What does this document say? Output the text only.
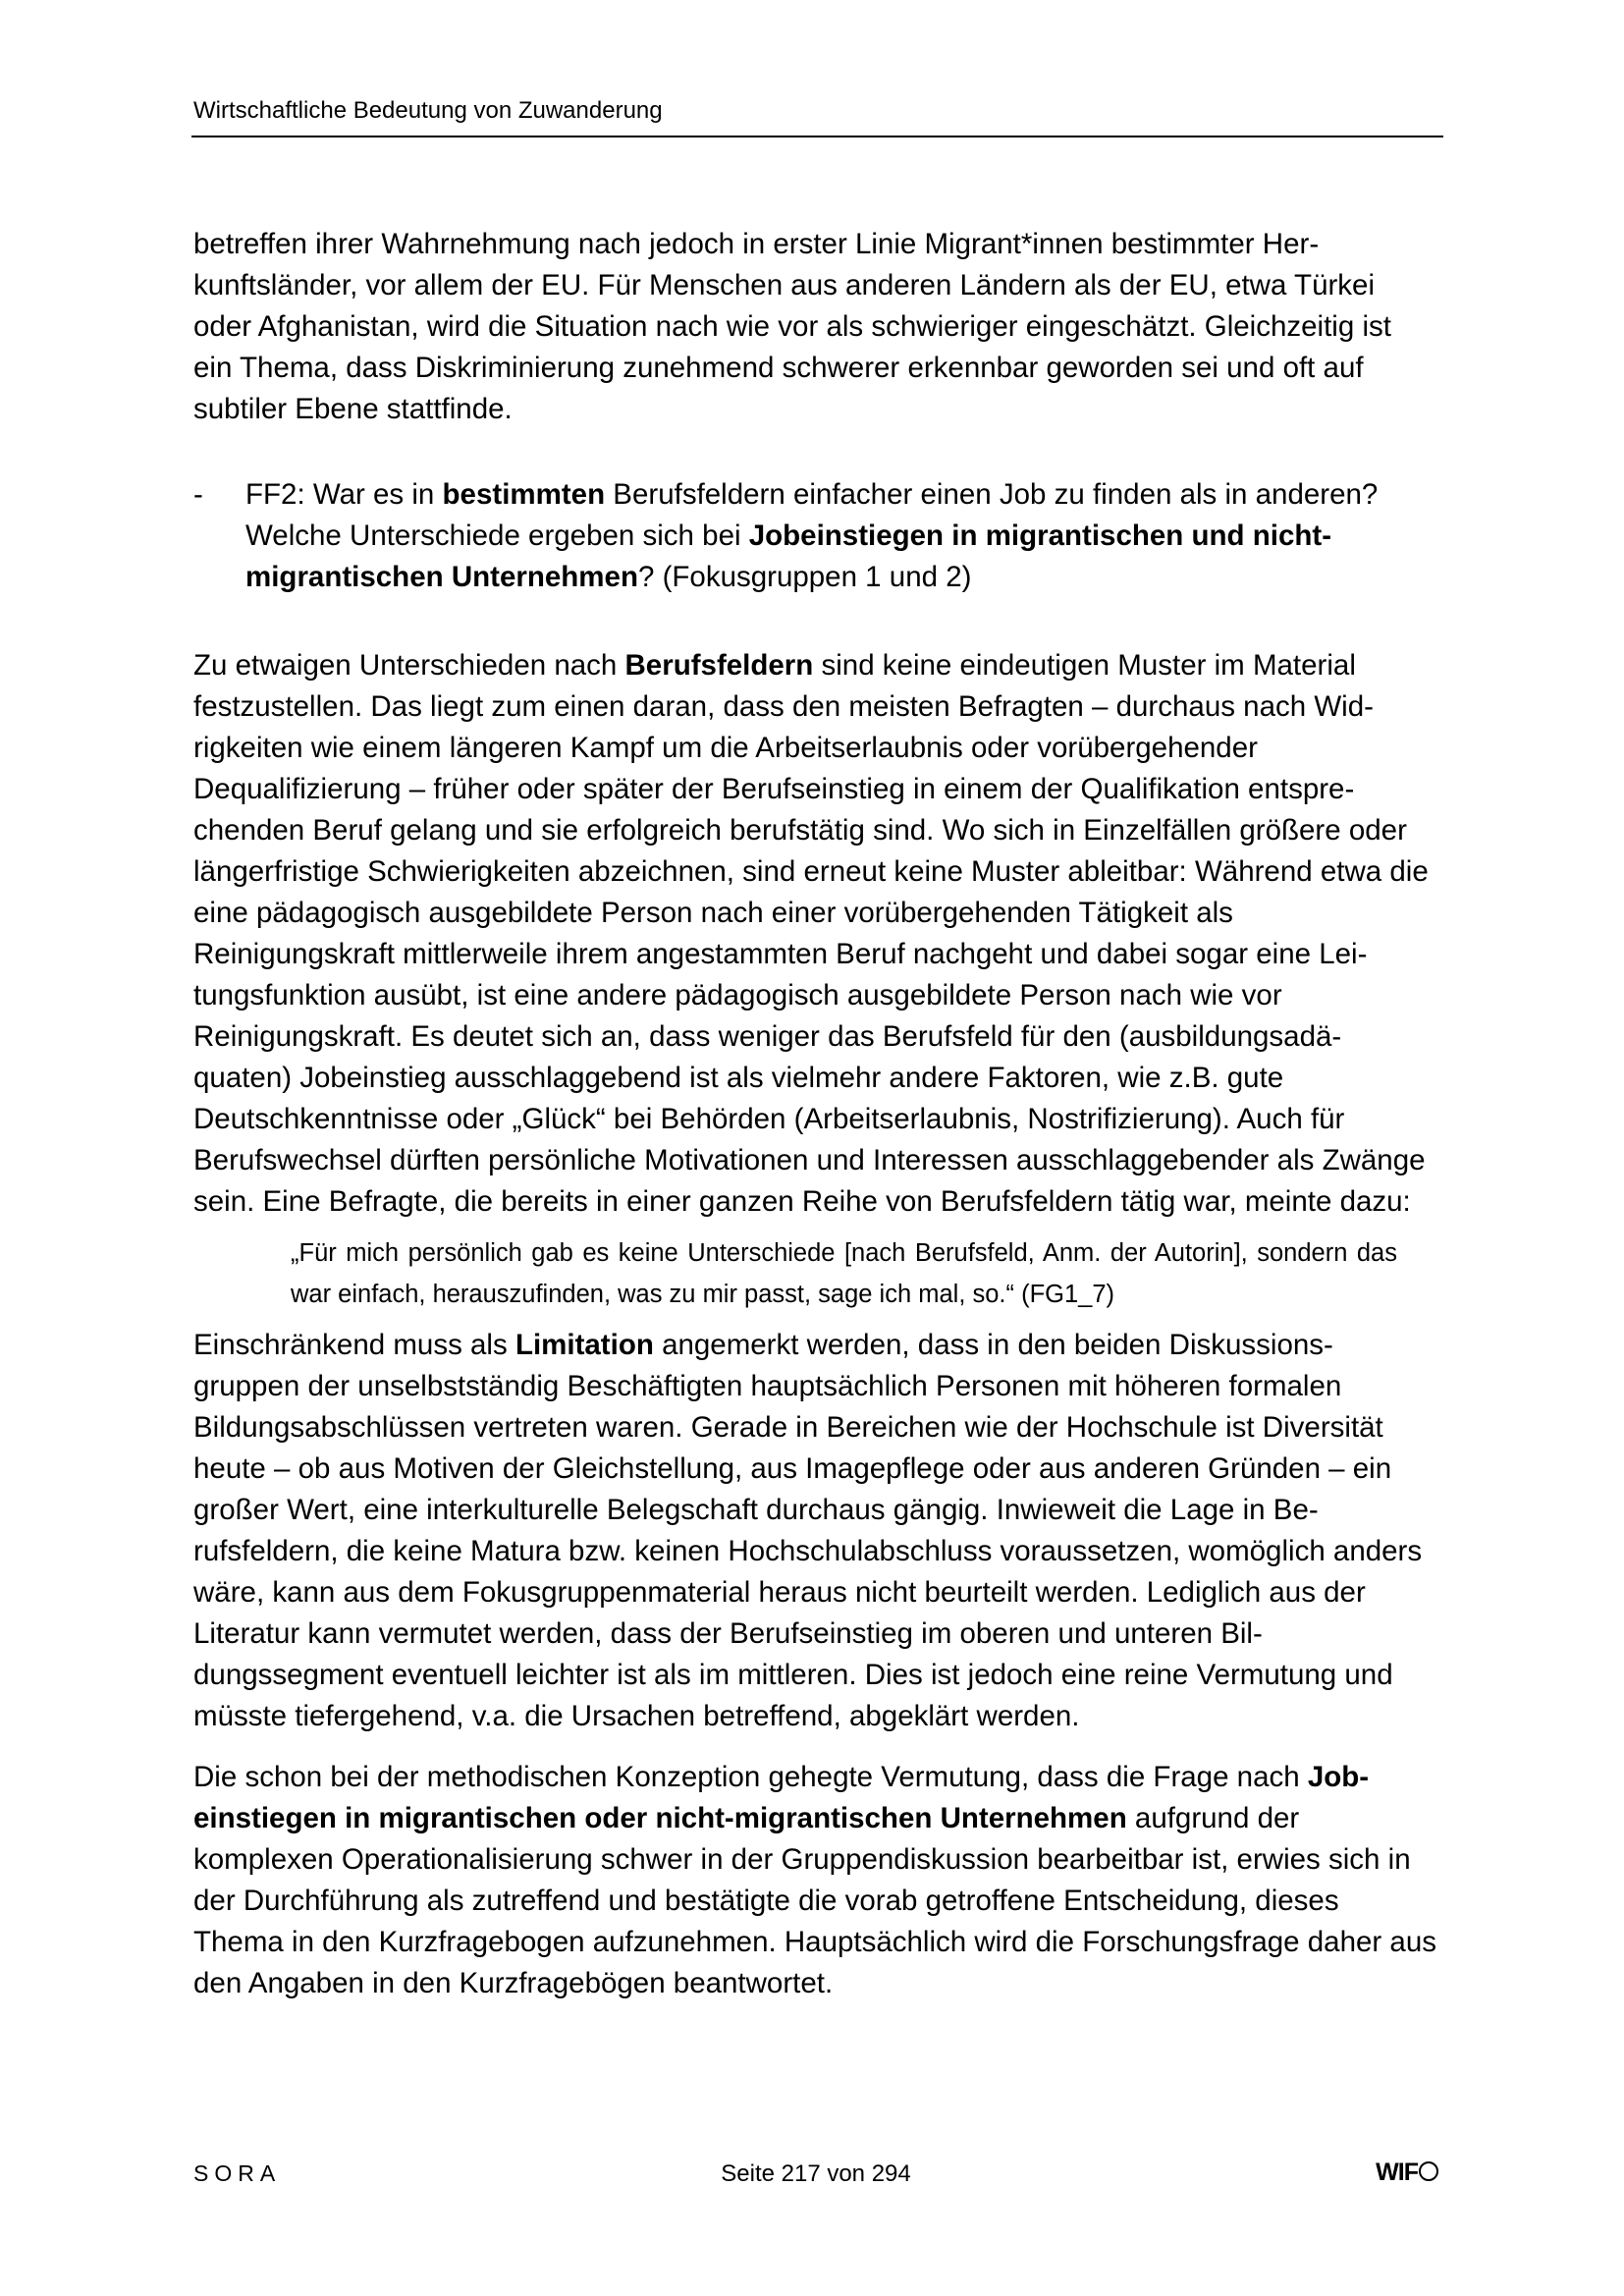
Wirtschaftliche Bedeutung von Zuwanderung

betreffen ihrer Wahrnehmung nach jedoch in erster Linie Migrant*innen bestimmter Her-kunftsländer, vor allem der EU. Für Menschen aus anderen Ländern als der EU, etwa Türkei oder Afghanistan, wird die Situation nach wie vor als schwieriger eingeschätzt. Gleichzeitig ist ein Thema, dass Diskriminierung zunehmend schwerer erkennbar geworden sei und oft auf subtiler Ebene stattfinde.

- FF2: War es in bestimmten Berufsfeldern einfacher einen Job zu finden als in anderen? Welche Unterschiede ergeben sich bei Jobeinstiegen in migrantischen und nicht-migrantischen Unternehmen? (Fokusgruppen 1 und 2)

Zu etwaigen Unterschieden nach Berufsfeldern sind keine eindeutigen Muster im Material festzustellen. Das liegt zum einen daran, dass den meisten Befragten – durchaus nach Wid-rigkeiten wie einem längeren Kampf um die Arbeitserlaubnis oder vorübergehender Dequalifizierung – früher oder später der Berufseinstieg in einem der Qualifikation entspre-chenden Beruf gelang und sie erfolgreich berufstätig sind. Wo sich in Einzelfällen größere oder längerfristige Schwierigkeiten abzeichnen, sind erneut keine Muster ableitbar: Während etwa die eine pädagogisch ausgebildete Person nach einer vorübergehenden Tätigkeit als Reinigungskraft mittlerweile ihrem angestammten Beruf nachgeht und dabei sogar eine Lei-tungsfunktion ausübt, ist eine andere pädagogisch ausgebildete Person nach wie vor Reinigungskraft. Es deutet sich an, dass weniger das Berufsfeld für den (ausbildungsadä-quaten) Jobeinstieg ausschlaggebend ist als vielmehr andere Faktoren, wie z.B. gute Deutschkenntnisse oder „Glück“ bei Behörden (Arbeitserlaubnis, Nostrifizierung). Auch für Berufswechsel dürften persönliche Motivationen und Interessen ausschlaggebender als Zwänge sein. Eine Befragte, die bereits in einer ganzen Reihe von Berufsfeldern tätig war, meinte dazu:

„Für mich persönlich gab es keine Unterschiede [nach Berufsfeld, Anm. der Autorin], sondern das war einfach, herauszufinden, was zu mir passt, sage ich mal, so.“ (FG1_7)

Einschränkend muss als Limitation angemerkt werden, dass in den beiden Diskussions-gruppen der unselbstständig Beschäftigten hauptsächlich Personen mit höheren formalen Bildungsabschlüssen vertreten waren. Gerade in Bereichen wie der Hochschule ist Diversität heute – ob aus Motiven der Gleichstellung, aus Imagepflege oder aus anderen Gründen – ein großer Wert, eine interkulturelle Belegschaft durchaus gängig. Inwieweit die Lage in Be-rufsfeldern, die keine Matura bzw. keinen Hochschulabschluss voraussetzen, womöglich anders wäre, kann aus dem Fokusgruppenmaterial heraus nicht beurteilt werden. Lediglich aus der Literatur kann vermutet werden, dass der Berufseinstieg im oberen und unteren Bil-dungssegment eventuell leichter ist als im mittleren. Dies ist jedoch eine reine Vermutung und müsste tiefergehend, v.a. die Ursachen betreffend, abgeklärt werden.

Die schon bei der methodischen Konzeption gehegte Vermutung, dass die Frage nach Job-einstiegen in migrantischen oder nicht-migrantischen Unternehmen aufgrund der komplexen Operationalisierung schwer in der Gruppendiskussion bearbeitbar ist, erwies sich in der Durchführung als zutreffend und bestätigte die vorab getroffene Entscheidung, dieses Thema in den Kurzfragebogen aufzunehmen. Hauptsächlich wird die Forschungsfrage daher aus den Angaben in den Kurzfragebögen beantwortet.

SORA	Seite 217 von 294	WIF
